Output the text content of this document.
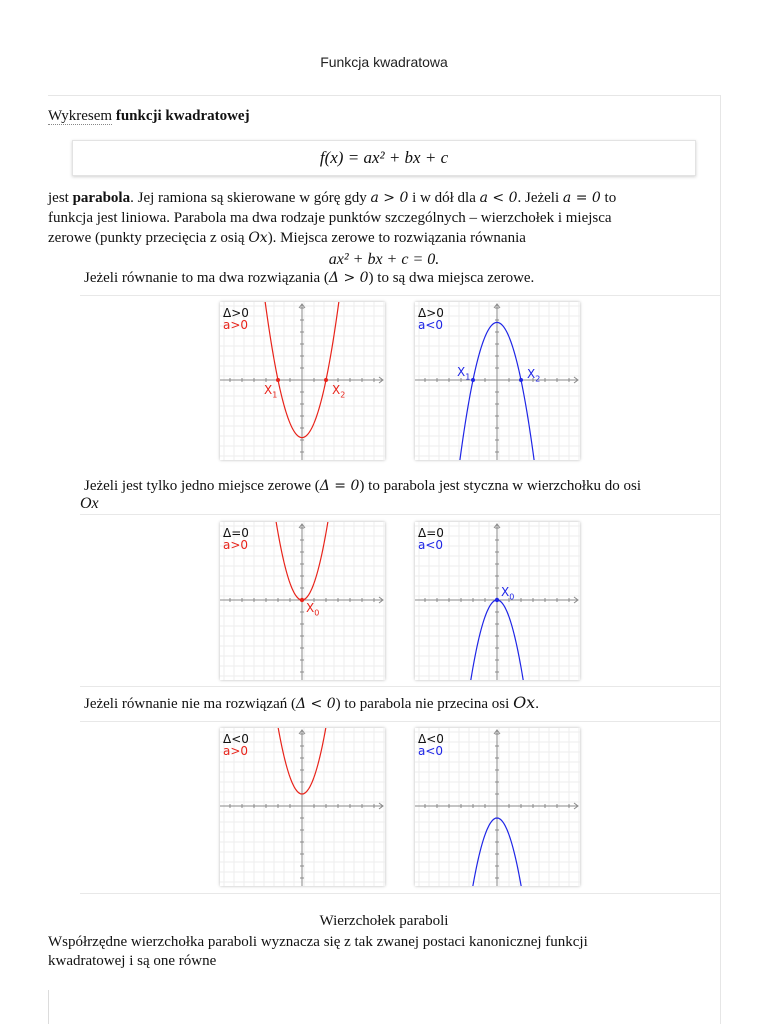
Funkcja kwadratowa
Wykresem funkcji kwadratowej
f(x) = ax² + bx + c
jest parabola. Jej ramiona są skierowane w górę gdy a > 0 i w dół dla a < 0. Jeżeli a = 0 to
funkcja jest liniowa. Parabola ma dwa rodzaje punktów szczególnych – wierzchołek i miejsca
zerowe (punkty przecięcia z osią Ox). Miejsca zerowe to rozwiązania równania
ax² + bx + c = 0.
Jeżeli równanie to ma dwa rozwiązania (Δ > 0) to są dwa miejsca zerowe.
Δ>0
a>0
$X_1$	$X_2$
Δ>0
a<0
$X_1$	$X_2$
Jeżeli jest tylko jedno miejsce zerowe (Δ = 0) to parabola jest styczna w wierzchołku do osi
Ox
Δ=0
a>0
$X_0$
Δ=0
a<0
$X_0$
Jeżeli równanie nie ma rozwiązań (Δ < 0) to parabola nie przecina osi Ox.
Δ<0
a>0
Δ<0
a<0
Wierzchołek paraboli
Współrzędne wierzchołka paraboli wyznacza się z tak zwanej postaci kanonicznej funkcji
kwadratowej i są one równe
